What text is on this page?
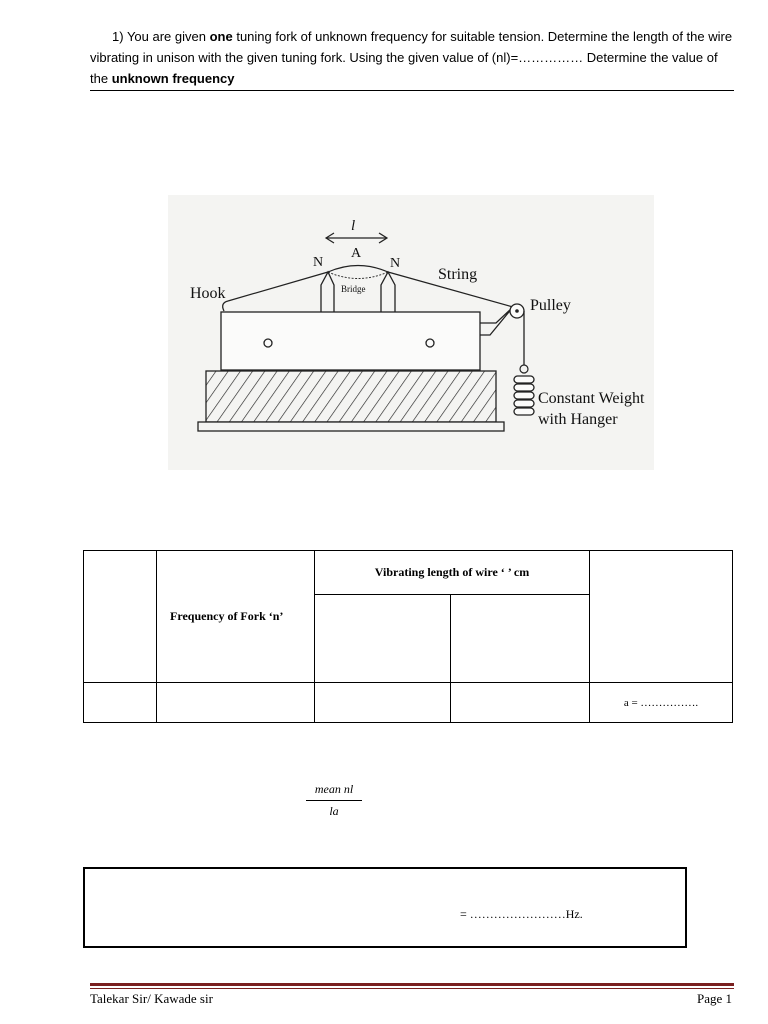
1) You are given one tuning fork of unknown frequency for suitable tension. Determine the length of the wire vibrating in unison with the given tuning fork. Using the given value of (nl)=…………… Determine the value of the unknown frequency
Bridge
l
A
N	N
String
Hook
Pulley
Constant Weight
with Hanger
	Frequency of Fork ‘n’	Vibrating length of wire ‘ ’ cm		

				a = …………….
mean nl
la
= ……………………Hz.
Talekar Sir/ Kawade sir	Page 1
